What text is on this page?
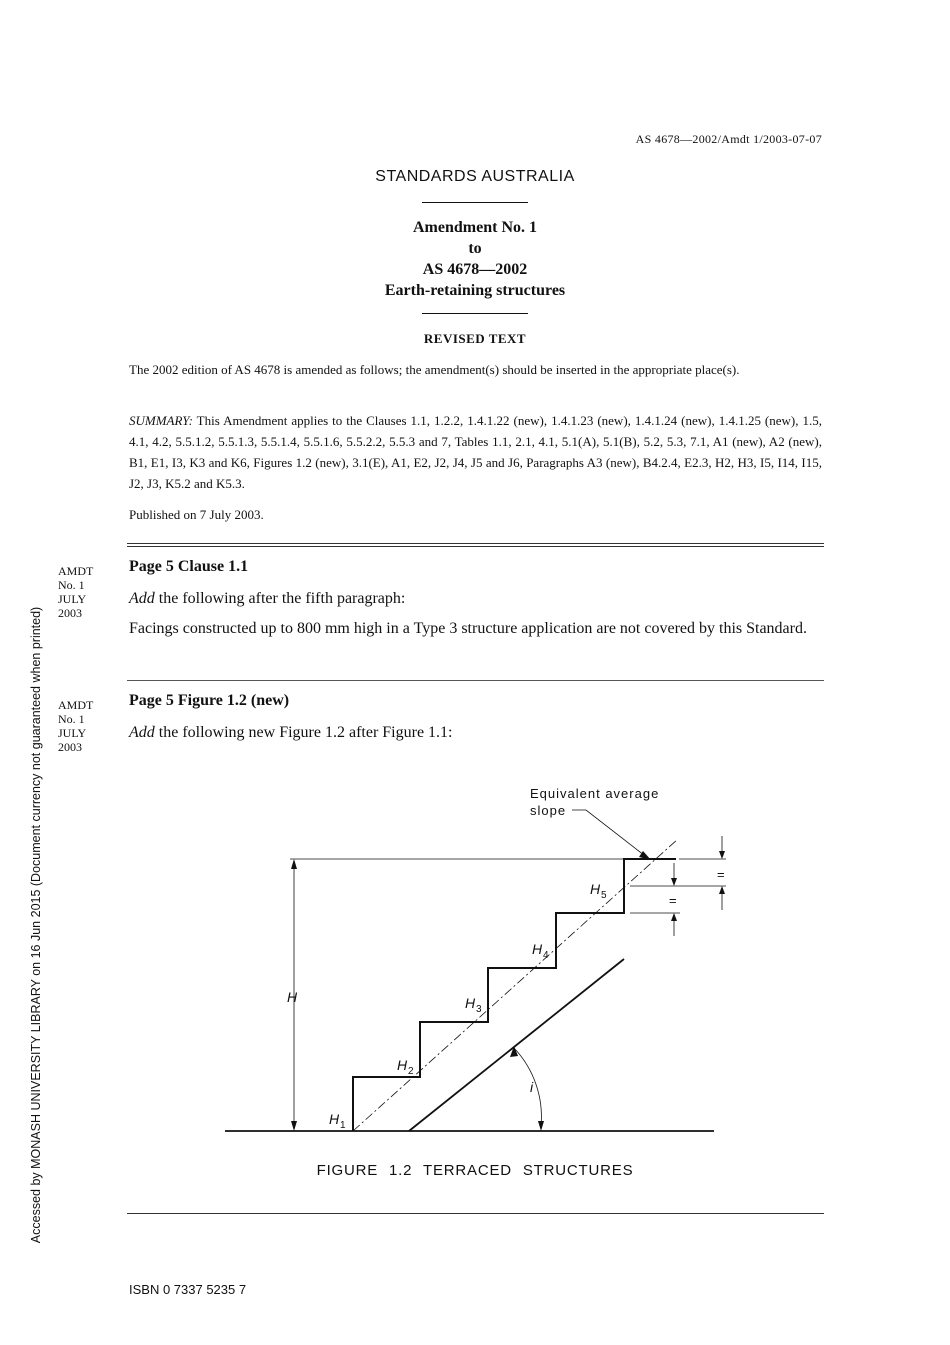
AS 4678—2002/Amdt 1/2003-07-07
STANDARDS AUSTRALIA
Amendment No. 1
to
AS 4678—2002
Earth-retaining structures
REVISED TEXT
The 2002 edition of AS 4678 is amended as follows; the amendment(s) should be inserted in the appropriate place(s).
SUMMARY: This Amendment applies to the Clauses 1.1, 1.2.2, 1.4.1.22 (new), 1.4.1.23 (new), 1.4.1.24 (new), 1.4.1.25 (new), 1.5, 4.1, 4.2, 5.5.1.2, 5.5.1.3, 5.5.1.4, 5.5.1.6, 5.5.2.2, 5.5.3 and 7, Tables 1.1, 2.1, 4.1, 5.1(A), 5.1(B), 5.2, 5.3, 7.1, A1 (new), A2 (new), B1, E1, I3, K3 and K6, Figures 1.2 (new), 3.1(E), A1, E2, J2, J4, J5 and J6, Paragraphs A3 (new), B4.2.4, E2.3, H2, H3, I5, I14, I15, J2, J3, K5.2 and K5.3.
Published on 7 July 2003.
Accessed by MONASH UNIVERSITY LIBRARY on 16 Jun 2015 (Document currency not guaranteed when printed)
AMDT
No. 1
JULY
2003
Page 5 Clause 1.1
Add the following after the fifth paragraph:
Facings constructed up to 800 mm high in a Type 3 structure application are not covered by this Standard.
AMDT
No. 1
JULY
2003
Page 5 Figure 1.2 (new)
Add the following new Figure 1.2 after Figure 1.1:
Equivalent average
slope
H
H 1
H 2
H 3
H 4
H 5
i
=
=
FIGURE 1.2 TERRACED STRUCTURES
ISBN 0 7337 5235 7
